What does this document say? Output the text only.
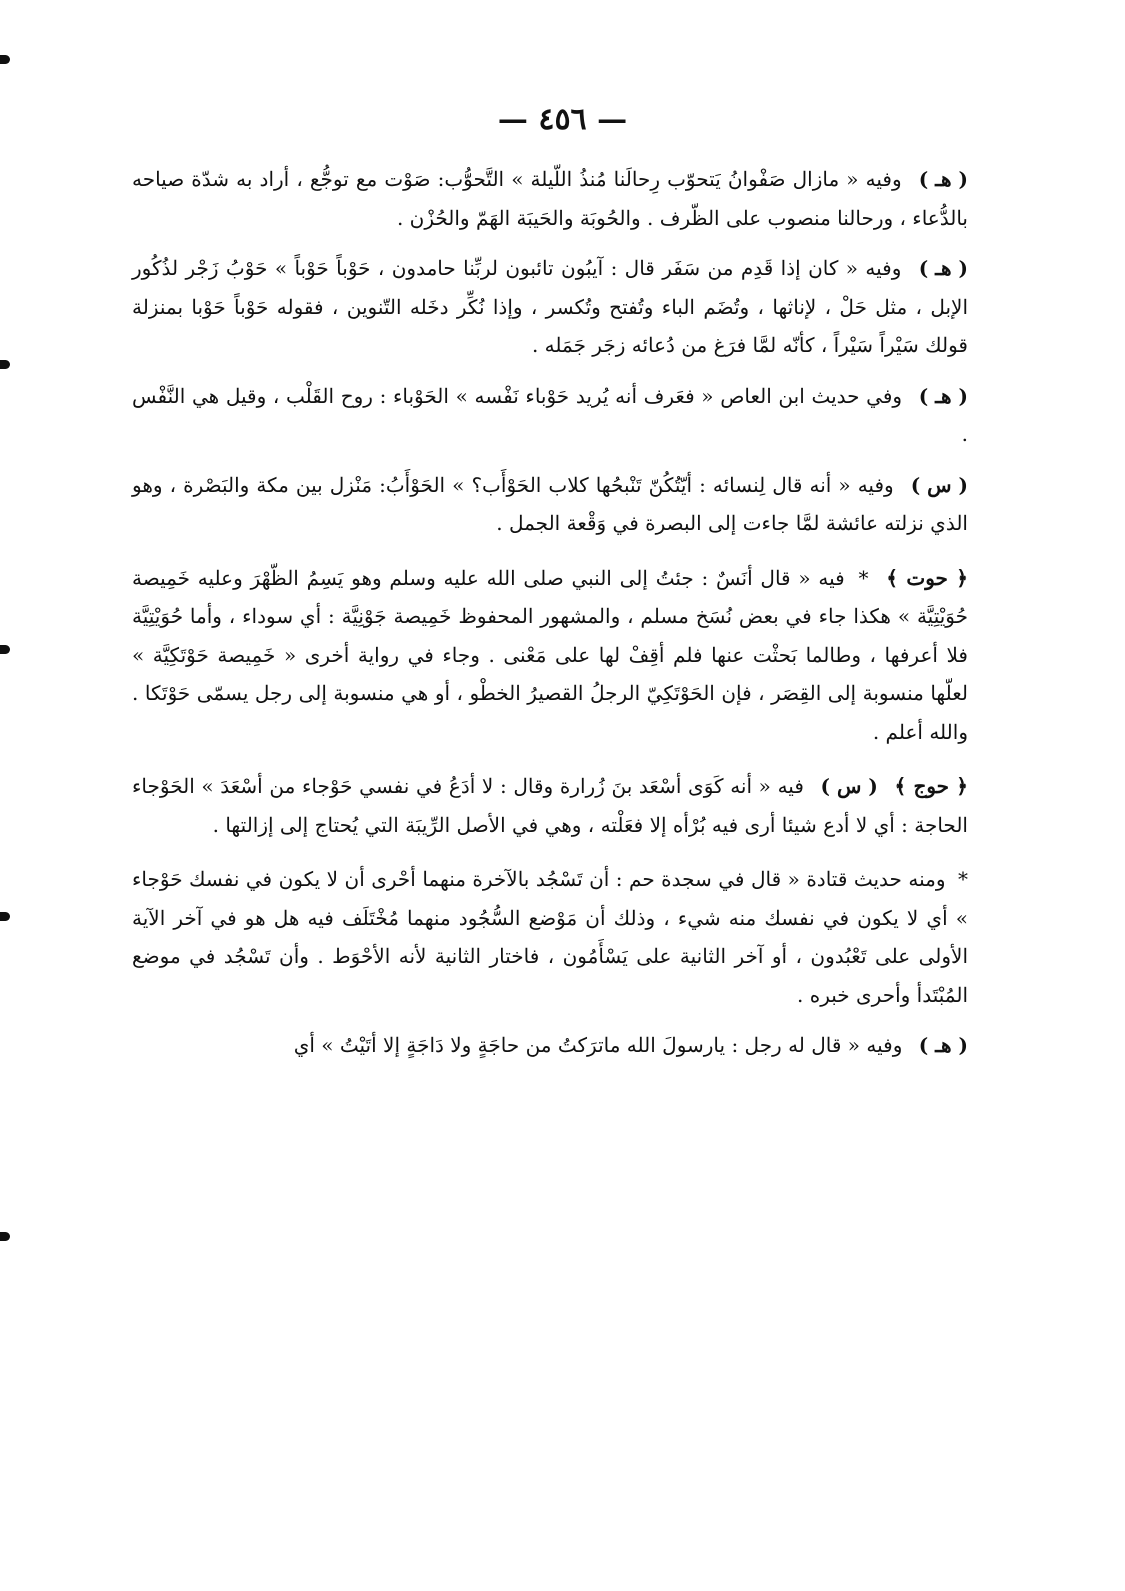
— ٤٥٦ —

( هـ ) وفيه « مازال صَفْوانُ يَتحوّب رِحالَنا مُنذُ اللّيلة » التَّحوُّب: صَوْت مع توجُّع ، أراد به شدّة صياحه بالدُّعاء ، ورحالنا منصوب على الظّرف . والحُوبَة والحَيبَة الهَمّ والحُزْن .

( هـ ) وفيه « كان إذا قَدِم من سَفَر قال : آيبُون تائبون لربِّنا حامدون ، حَوْباً حَوْباً » حَوْبُ زَجْر لذُكُور الإبل ، مثل حَلْ ، لإناثها ، وتُضَم الباء وتُفتح وتُكسر ، وإذا نُكِّر دخَله التّنوين ، فقوله حَوْباً حَوْبا بمنزلة قولك سَيْراً سَيْراً ، كأنّه لمَّا فرَغ من دُعائه زجَر جَمَله .

( هـ ) وفي حديث ابن العاص « فعَرف أنه يُريد حَوْباء نَفْسه » الحَوْباء : روح القَلْب ، وقيل هي النَّفْس .

( س ) وفيه « أنه قال لِنسائه : أيّتُكُنّ تَنْبحُها كلاب الحَوْأَب؟ » الحَوْأَبُ: مَنْزل بين مكة والبَصْرة ، وهو الذي نزلته عائشة لمَّا جاءت إلى البصرة في وَقْعة الجمل .

﴿ حوت ﴾ * فيه « قال أنَسٌ : جئتُ إلى النبي صلى الله عليه وسلم وهو يَسِمُ الظّهْرَ وعليه خَمِيصة حُوَيْتِيَّة » هكذا جاء في بعض نُسَخ مسلم ، والمشهور المحفوظ خَمِيصة جَوْنِيَّة : أي سوداء ، وأما حُوَيْتِيَّة فلا أعرفها ، وطالما بَحثْت عنها فلم أقِفْ لها على مَعْنى . وجاء في رواية أخرى « خَمِيصة حَوْتَكِيَّة » لعلّها منسوبة إلى القِصَر ، فإن الحَوْتَكِيّ الرجلُ القصيرُ الخطْو ، أو هي منسوبة إلى رجل يسمّى حَوْتَكا . والله أعلم .

﴿ حوج ﴾ ( س ) فيه « أنه كَوَى أسْعَد بنَ زُرارة وقال : لا أدَعُ في نفسي حَوْجاء من أسْعَدَ » الحَوْجاء الحاجة : أي لا أدع شيئا أرى فيه بُرْأه إلا فعَلْته ، وهي في الأصل الرِّيبَة التي يُحتاج إلى إزالتها .

* ومنه حديث قتادة « قال في سجدة حم : أن تَسْجُد بالآخرة منهما أحْرى أن لا يكون في نفسك حَوْجاء » أي لا يكون في نفسك منه شيء ، وذلك أن مَوْضع السُّجُود منهما مُخْتَلَف فيه هل هو في آخر الآية الأولى على تَعْبُدون ، أو آخر الثانية على يَسْأَمُون ، فاختار الثانية لأنه الأحْوَط . وأن تَسْجُد في موضع المُبْتَدأ وأحرى خبره .

( هـ ) وفيه « قال له رجل : يارسولَ الله ماترَكتُ من حاجَةٍ ولا دَاجَةٍ إلا أتَيْتُ » أي
